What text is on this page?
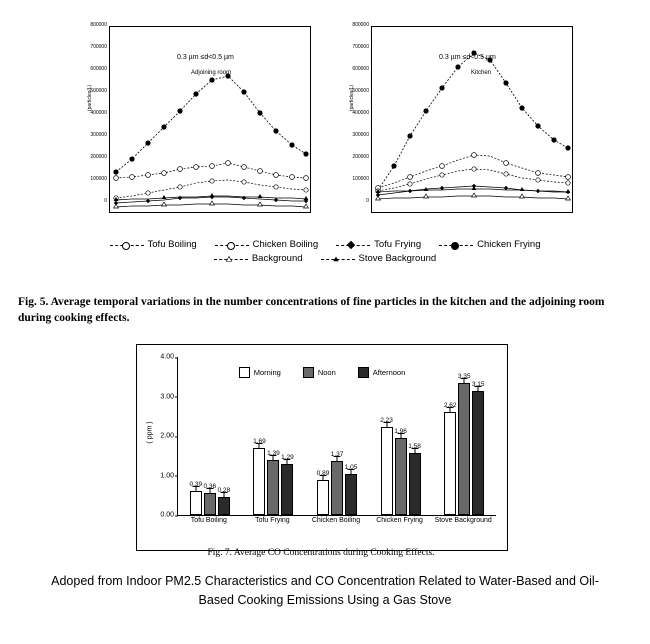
(particles/L)
800000
700000
600000
500000
400000
300000
200000
100000
0
0.3 µm ≤d<0.5 µm
Adjoining room
(particles/L)
800000
700000
600000
500000
400000
300000
200000
100000
0
0.3 µm ≤d<0.5 µm
Kitchen
Tofu Boiling	Chicken Boiling	Tofu Frying	Chicken Frying
Background	Stove Background
Fig. 5. Average temporal variations in the number concentrations of fine particles in the kitchen and the adjoining room during cooking effects.
( ppm )
Morning	Noon	Afternoon
0.00
1.00
2.00
3.00
4.00
0.39 0.36
0.28
1.69
1.39
1.29
0.89
1.37
1.05
2.23
1.96
1.58
2.62
3.35
3.15
Tofu Boiling	Tofu Frying	Chicken Boiling	Chicken Frying	Stove Background
Fig. 7. Average CO Concentrations during Cooking Effects.
Adoped from Indoor PM2.5 Characteristics and CO Concentration Related to Water-Based and Oil-Based Cooking Emissions Using a Gas Stove
